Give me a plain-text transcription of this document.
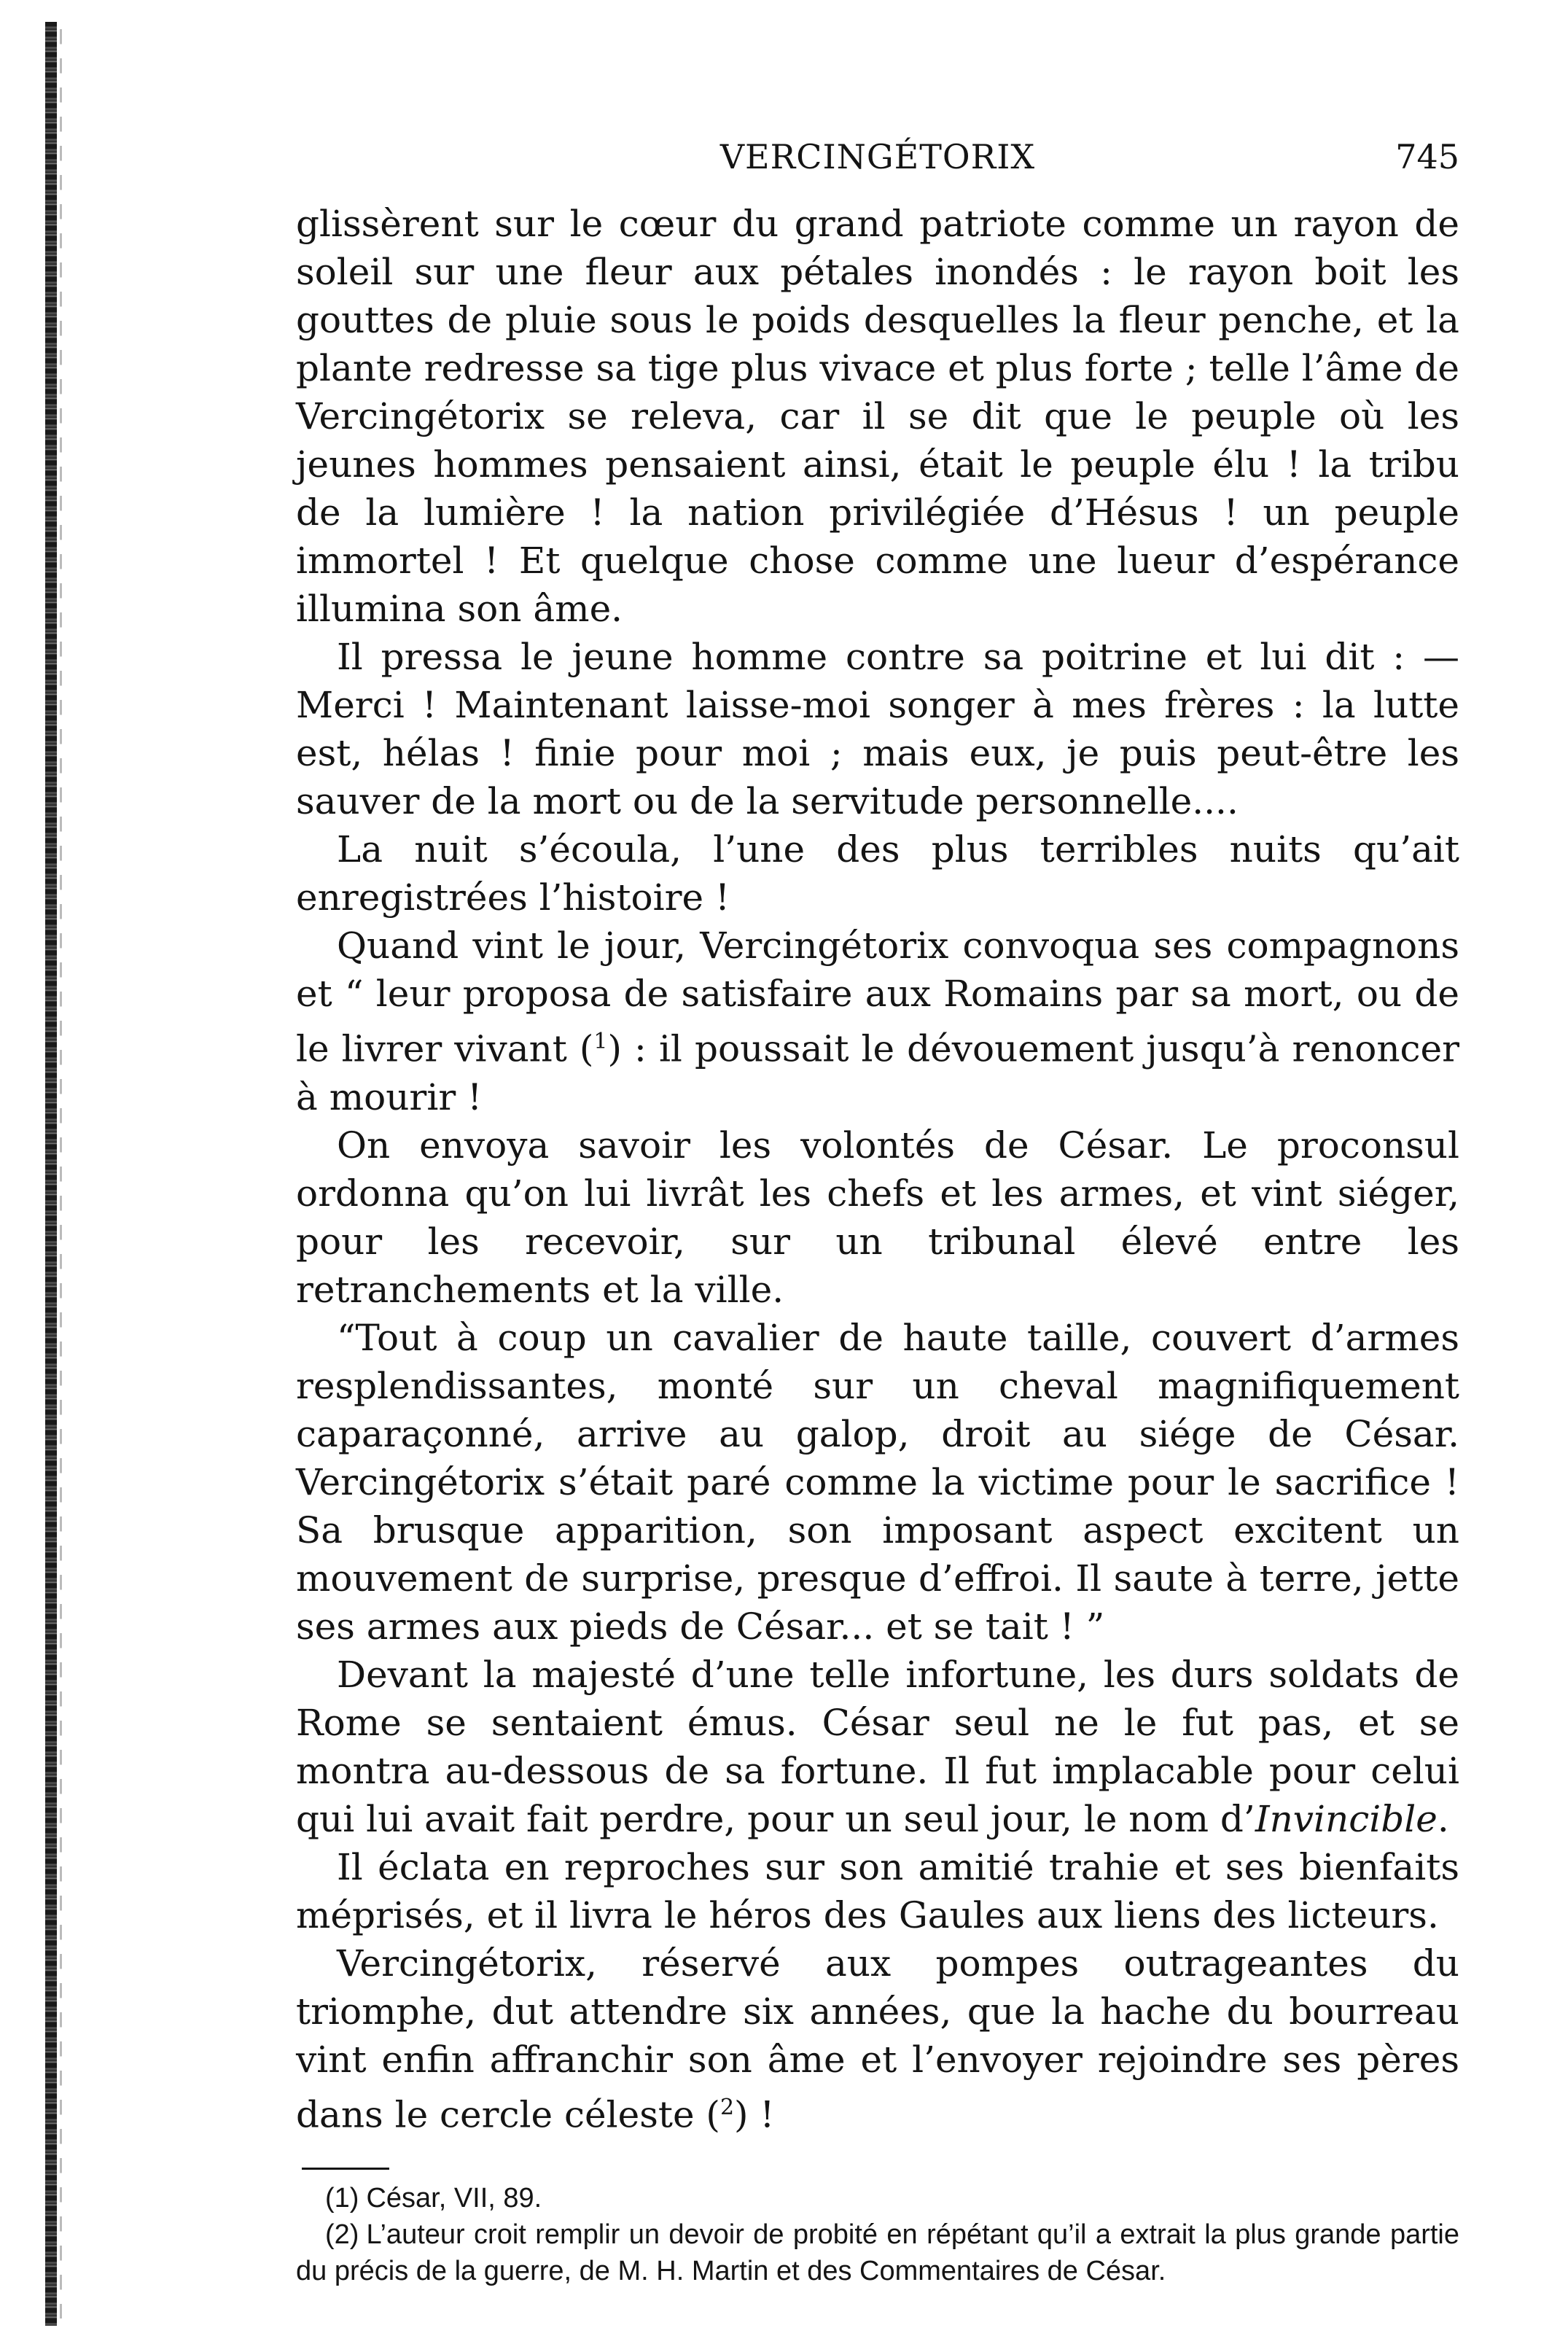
VERCINGÉTORIX	745

glissèrent sur le cœur du grand patriote comme un rayon de soleil sur une fleur aux pétales inondés : le rayon boit les gouttes de pluie sous le poids desquelles la fleur penche, et la plante redresse sa tige plus vivace et plus forte ; telle l’âme de Vercingétorix se releva, car il se dit que le peuple où les jeunes hommes pensaient ainsi, était le peuple élu ! la tribu de la lumière ! la nation privilégiée d’Hésus ! un peuple immortel ! Et quelque chose comme une lueur d’espérance illumina son âme.

Il pressa le jeune homme contre sa poitrine et lui dit : — Merci ! Maintenant laisse-moi songer à mes frères : la lutte est, hélas ! finie pour moi ; mais eux, je puis peut-être les sauver de la mort ou de la servitude personnelle....

La nuit s’écoula, l’une des plus terribles nuits qu’ait enregistrées l’histoire !

Quand vint le jour, Vercingétorix convoqua ses compagnons et “ leur proposa de satisfaire aux Romains par sa mort, ou de le livrer vivant ($^1$) : il poussait le dévouement jusqu’à renoncer à mourir !

On envoya savoir les volontés de César. Le proconsul ordonna qu’on lui livrât les chefs et les armes, et vint siéger, pour les recevoir, sur un tribunal élevé entre les retranchements et la ville.

“Tout à coup un cavalier de haute taille, couvert d’armes resplendissantes, monté sur un cheval magnifiquement caparaçonné, arrive au galop, droit au siége de César. Vercingétorix s’était paré comme la victime pour le sacrifice ! Sa brusque apparition, son imposant aspect excitent un mouvement de surprise, presque d’effroi. Il saute à terre, jette ses armes aux pieds de César... et se tait ! ”

Devant la majesté d’une telle infortune, les durs soldats de Rome se sentaient émus. César seul ne le fut pas, et se montra au-dessous de sa fortune. Il fut implacable pour celui qui lui avait fait perdre, pour un seul jour, le nom d’Invincible.

Il éclata en reproches sur son amitié trahie et ses bienfaits méprisés, et il livra le héros des Gaules aux liens des licteurs.

Vercingétorix, réservé aux pompes outrageantes du triomphe, dut attendre six années, que la hache du bourreau vint enfin affranchir son âme et l’envoyer rejoindre ses pères dans le cercle céleste ($^2$) !

(1) César, VII, 89.

(2) L’auteur croit remplir un devoir de probité en répétant qu’il a extrait la plus grande partie du précis de la guerre, de M. H. Martin et des Commentaires de César.
